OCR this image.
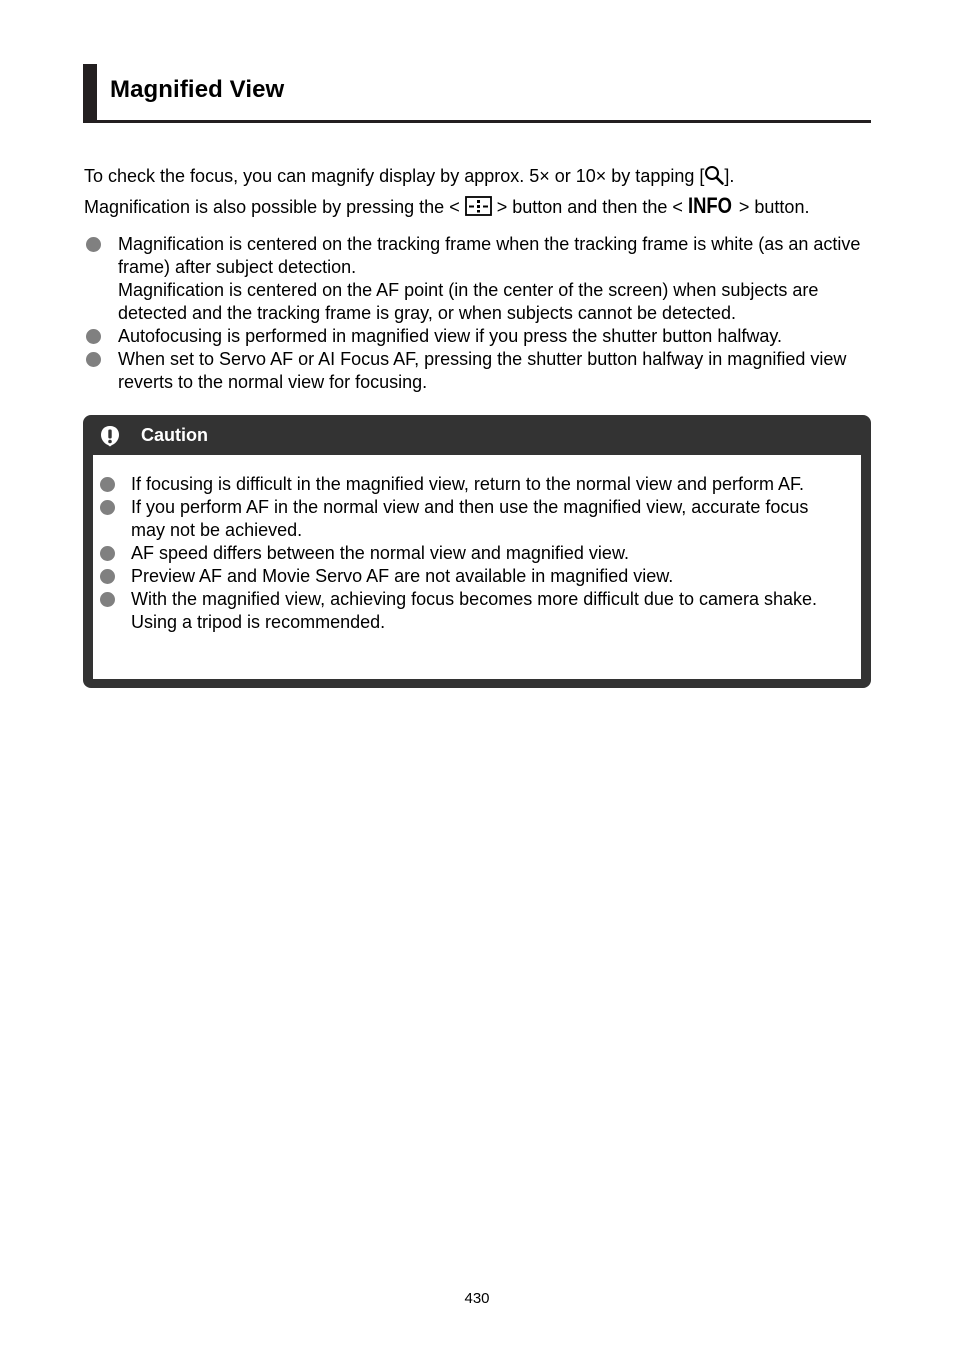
Magnified View

To check the focus, you can magnify display by approx. 5× or 10× by tapping [ ].

Magnification is also possible by pressing the <  > button and then the < INFO > button.

Magnification is centered on the tracking frame when the tracking frame is white (as an active frame) after subject detection.

Magnification is centered on the AF point (in the center of the screen) when subjects are detected and the tracking frame is gray, or when subjects cannot be detected.

Autofocusing is performed in magnified view if you press the shutter button halfway.

When set to Servo AF or AI Focus AF, pressing the shutter button halfway in magnified view reverts to the normal view for focusing.

Caution

If focusing is difficult in the magnified view, return to the normal view and perform AF.

If you perform AF in the normal view and then use the magnified view, accurate focus may not be achieved.

AF speed differs between the normal view and magnified view.

Preview AF and Movie Servo AF are not available in magnified view.

With the magnified view, achieving focus becomes more difficult due to camera shake. Using a tripod is recommended.

430
